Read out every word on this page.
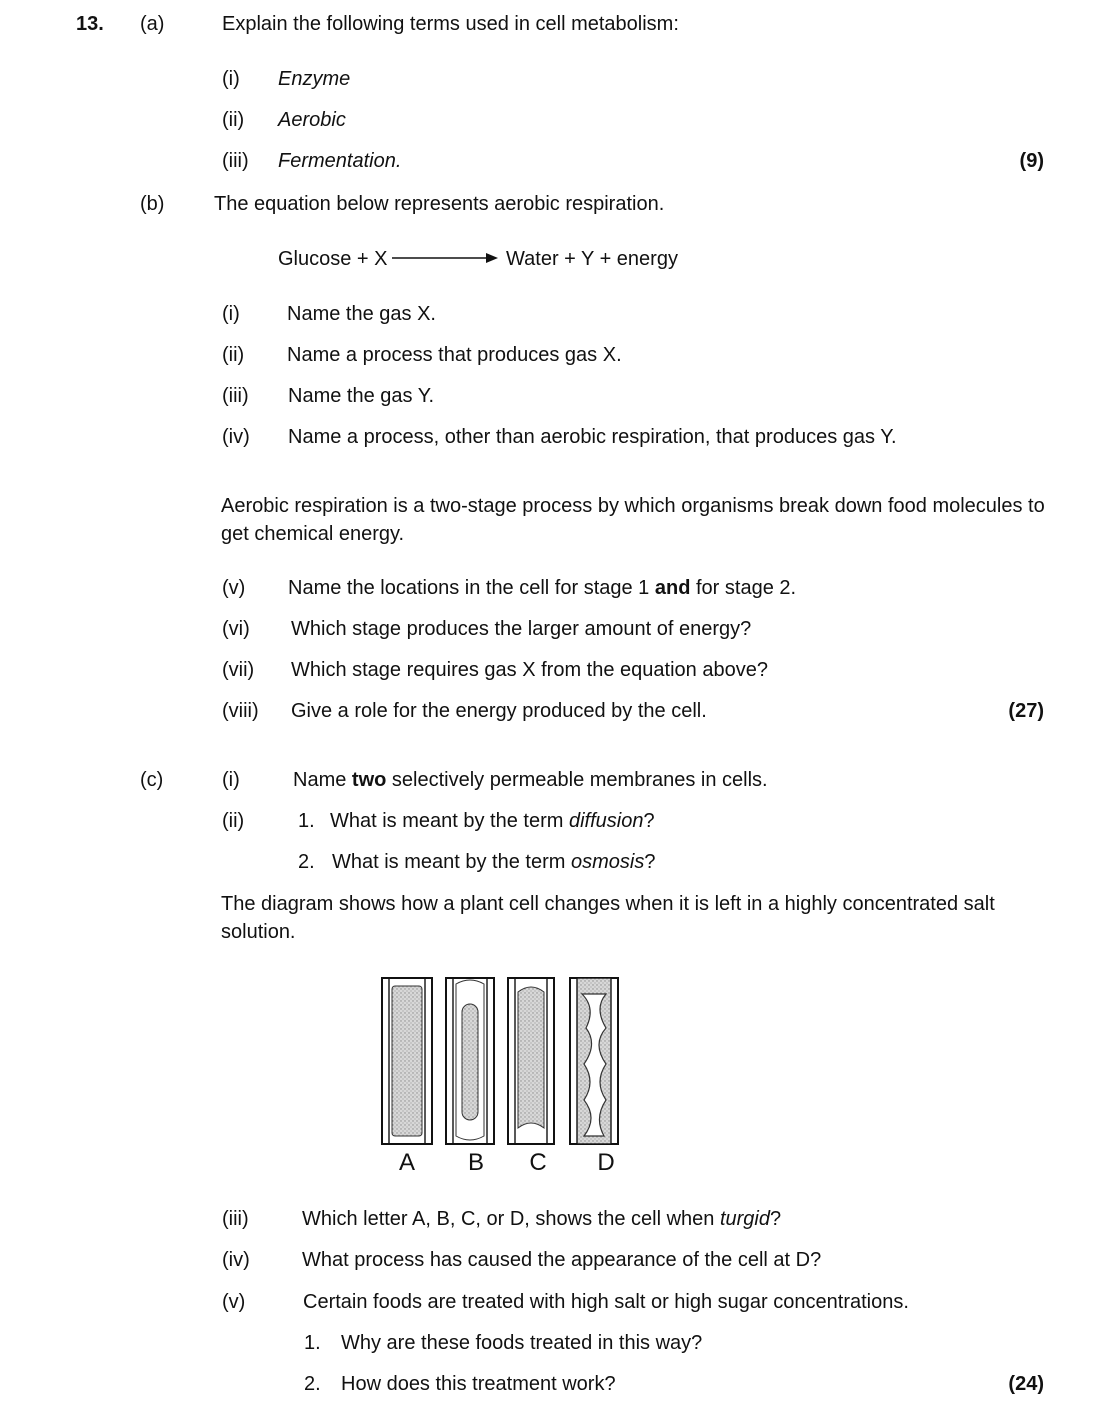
13. (a)	Explain the following terms used in cell metabolism:
(i) Enzyme
(ii) Aerobic
(iii) Fermentation.	(9)
(b) The equation below represents aerobic respiration.
Glucose + X	Water + Y + energy
(i) Name the gas X.
(ii) Name a process that produces gas X.
(iii) Name the gas Y.
(iv) Name a process, other than aerobic respiration, that produces gas Y.
Aerobic respiration is a two-stage process by which organisms break down food molecules to get chemical energy.
(v) Name the locations in the cell for stage 1 and for stage 2.
(vi) Which stage produces the larger amount of energy?
(vii) Which stage requires gas X from the equation above?
(viii) Give a role for the energy produced by the cell.	(27)
(c)	(i)	Name two selectively permeable membranes in cells.
(ii)	1. What is meant by the term diffusion?
2. What is meant by the term osmosis?
The diagram shows how a plant cell changes when it is left in a highly concentrated salt solution.
A B C D
(iii)	Which letter A, B, C, or D, shows the cell when turgid?
(iv)	What process has caused the appearance of the cell at D?
(v)	Certain foods are treated with high salt or high sugar concentrations.
1. Why are these foods treated in this way?
2. How does this treatment work?	(24)
